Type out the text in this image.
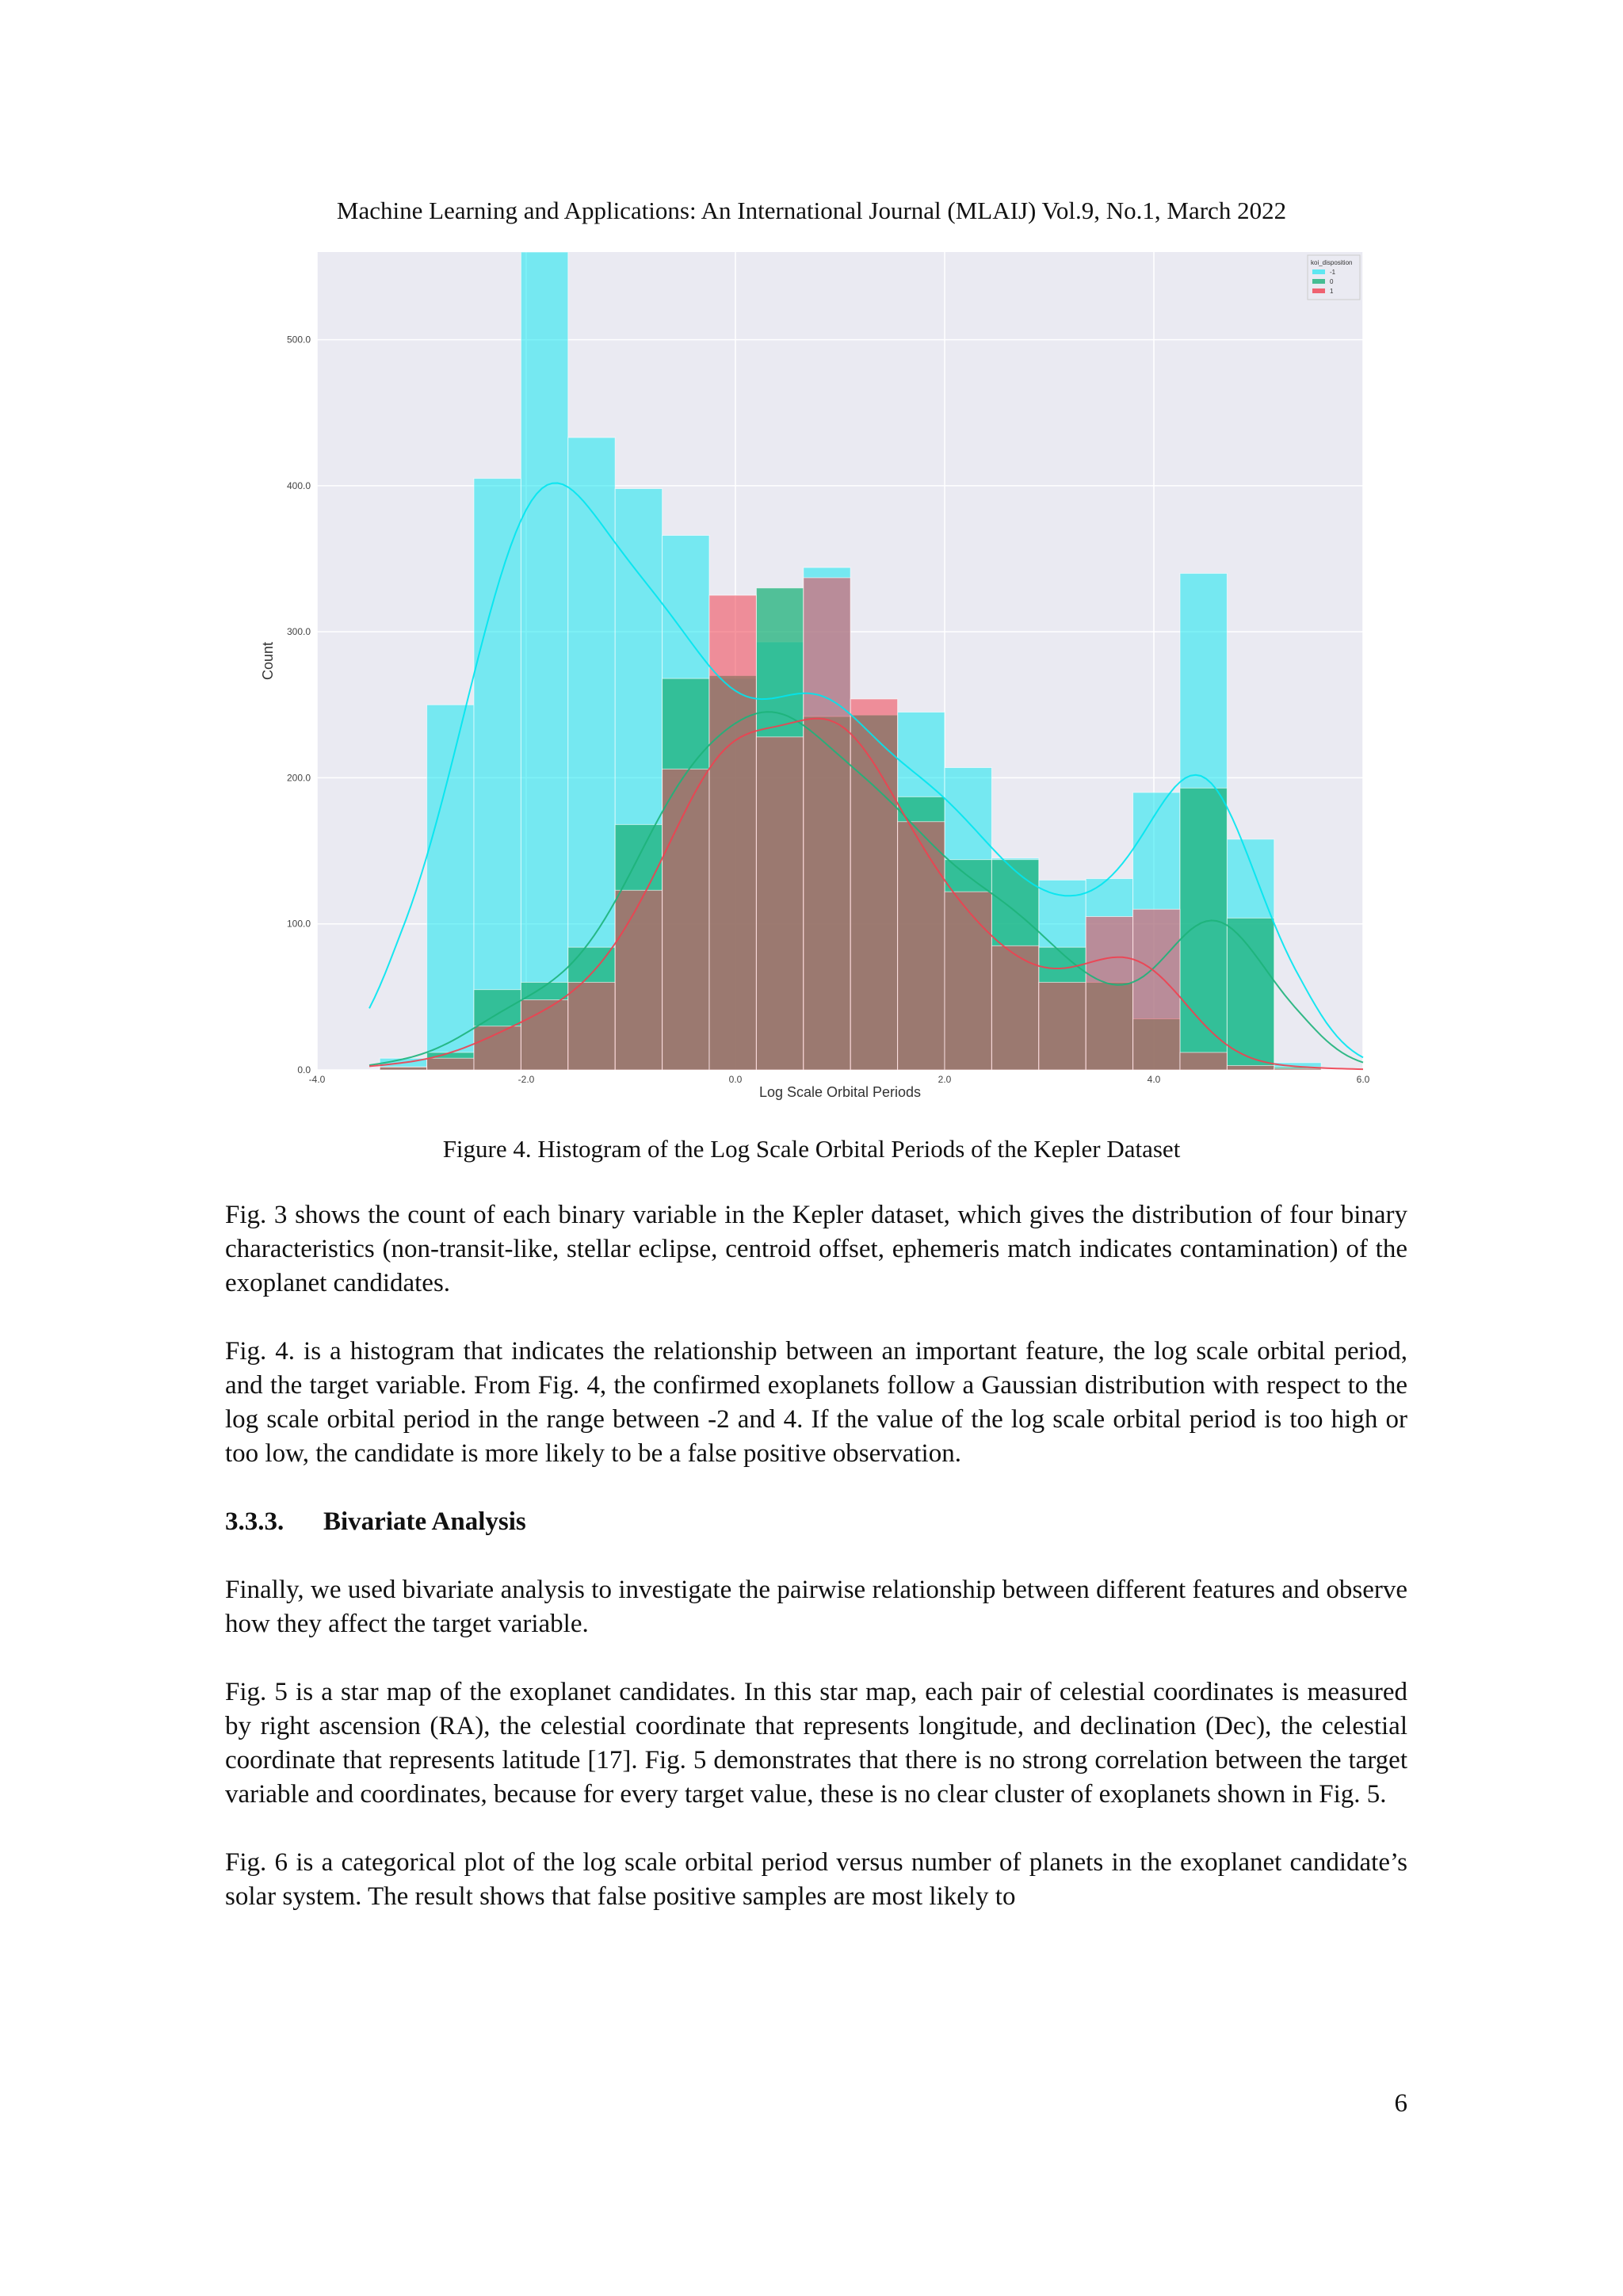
Machine Learning and Applications: An International Journal (MLAIJ) Vol.9, No.1, March 2022
-4.0	-2.0	0.0	2.0	4.0	6.0
0.0
100.0
200.0
300.0
400.0
500.0
Log Scale Orbital Periods
Count
koi_disposition
-1
0
1
Figure 4. Histogram of the Log Scale Orbital Periods of the Kepler Dataset

Fig. 3 shows the count of each binary variable in the Kepler dataset, which gives the distribution of four binary characteristics (non-transit-like, stellar eclipse, centroid offset, ephemeris match indicates contamination) of the exoplanet candidates.

Fig. 4. is a histogram that indicates the relationship between an important feature, the log scale orbital period, and the target variable. From Fig. 4, the confirmed exoplanets follow a Gaussian distribution with respect to the log scale orbital period in the range between -2 and 4. If the value of the log scale orbital period is too high or too low, the candidate is more likely to be a false positive observation.

3.3.3. Bivariate Analysis

Finally, we used bivariate analysis to investigate the pairwise relationship between different features and observe how they affect the target variable.

Fig. 5 is a star map of the exoplanet candidates. In this star map, each pair of celestial coordinates is measured by right ascension (RA), the celestial coordinate that represents longitude, and declination (Dec), the celestial coordinate that represents latitude [17]. Fig. 5 demonstrates that there is no strong correlation between the target variable and coordinates, because for every target value, these is no clear cluster of exoplanets shown in Fig. 5.

Fig. 6 is a categorical plot of the log scale orbital period versus number of planets in the exoplanet candidate’s solar system. The result shows that false positive samples are most likely to

6
